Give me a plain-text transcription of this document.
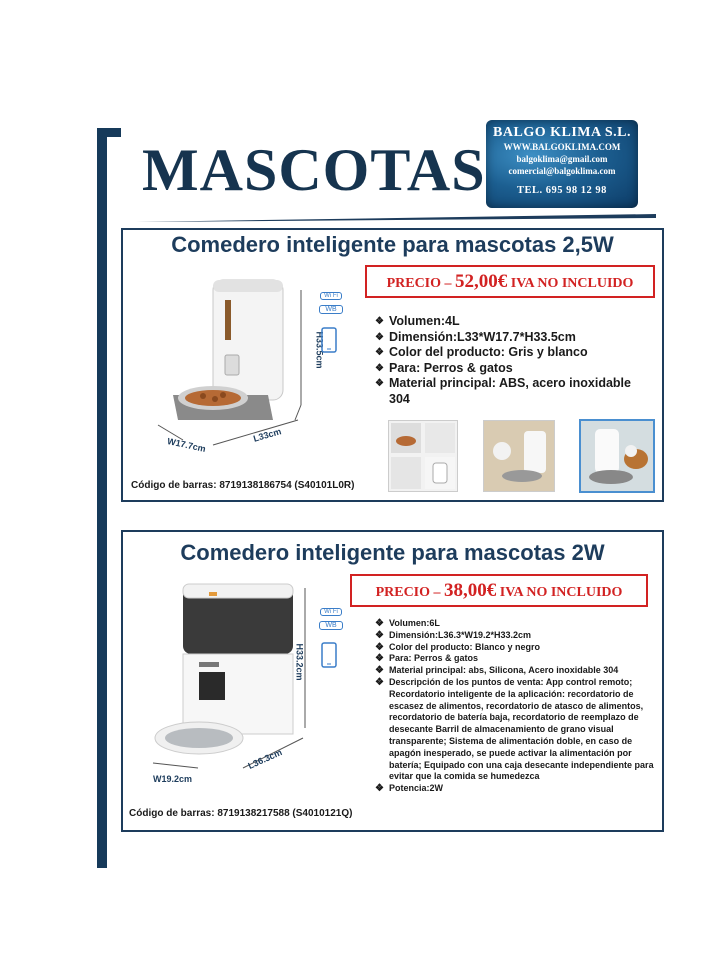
MASCOTAS
BALGO KLIMA S.L.
WWW.BALGOKLIMA.COM
balgoklima@gmail.com
comercial@balgoklima.com
TEL. 695 98 12 98
Comedero inteligente para mascotas 2,5W
PRECIO – 52,00€ IVA NO INCLUIDO
H33.5cm
W17.7cm
L33cm
Wi Fi
WB
❖ Volumen:4L
❖ Dimensión:L33*W17.7*H33.5cm
❖ Color del producto: Gris y blanco
❖ Para: Perros & gatos
❖ Material principal: ABS, acero inoxidable 304
Código de barras: 8719138186754 (S40101L0R)
Comedero inteligente para mascotas 2W
PRECIO – 38,00€ IVA NO INCLUIDO
H33.2cm
W19.2cm
L36.3cm
Wi Fi
WB	❖ Volumen:6L
❖ Dimensión:L36.3*W19.2*H33.2cm
❖ Color del producto: Blanco y negro
❖ Para: Perros & gatos
❖ Material principal: abs, Silicona, Acero inoxidable 304
❖ Descripción de los puntos de venta: App control remoto; Recordatorio inteligente de la aplicación: recordatorio de escasez de alimentos, recordatorio de atasco de alimentos, recordatorio de batería baja, recordatorio de reemplazo de desecante Barril de almacenamiento de grano visual transparente; Sistema de alimentación doble, en caso de apagón inesperado, se puede activar la alimentación por batería; Equipado con una caja desecante independiente para evitar que la comida se humedezca
❖ Potencia:2W
Código de barras: 8719138217588 (S4010121Q)
